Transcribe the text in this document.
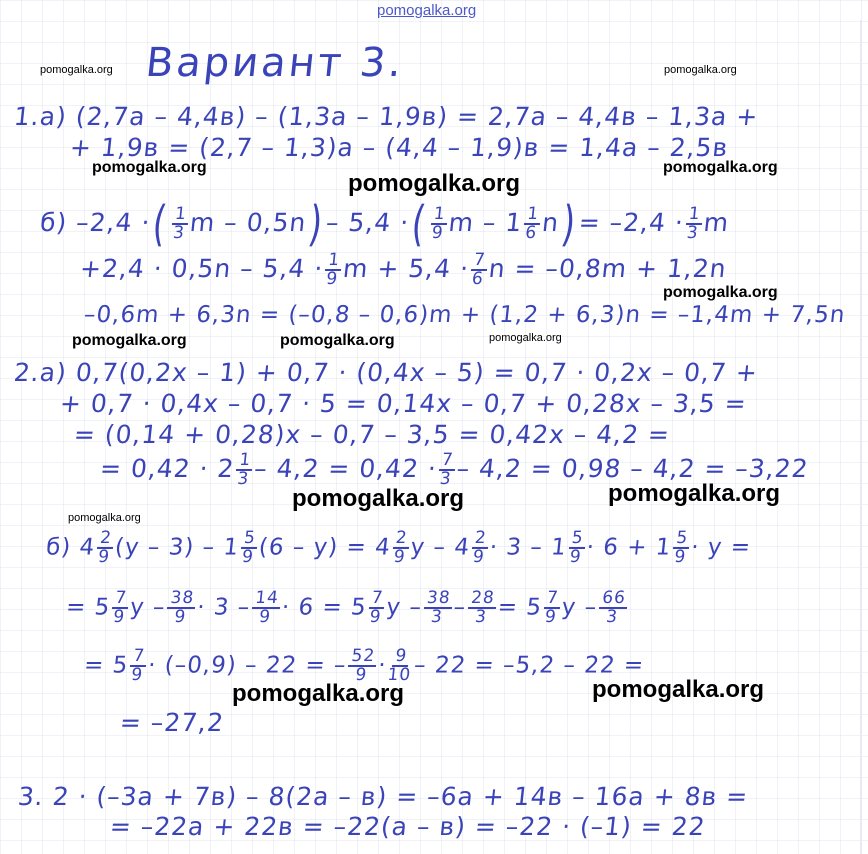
pomogalka.org
Вариант 3.
pomogalka.org	pomogalka.org
pomogalka.org	pomogalka.org
pomogalka.org
pomogalka.org
pomogalka.org	pomogalka.org	pomogalka.org
pomogalka.org	pomogalka.org
pomogalka.org
pomogalka.org	pomogalka.org
1.а) (2,7а – 4,4в) – (1,3а – 1,9в) = 2,7а – 4,4в – 1,3а +
+ 1,9в = (2,7 – 1,3)а – (4,4 – 1,9)в = 1,4а – 2,5в
б) –2,4 ·( $\frac{1}{3}$
m – 0,5n)– 5,4 ·( $\frac{1}{9}$
m – 1
$\frac{1}{6}$
n)= –2,4 ·
$\frac{1}{3}$
m
+2,4 · 0,5n – 5,4 ·
$\frac{1}{9}$
m + 5,4 ·
$\frac{7}{6}$
n = –0,8m + 1,2n
–0,6m + 6,3n = (–0,8 – 0,6)m + (1,2 + 6,3)n = –1,4m + 7,5n
2.а) 0,7(0,2x – 1) + 0,7 · (0,4x – 5) = 0,7 · 0,2x – 0,7 +
+ 0,7 · 0,4x – 0,7 · 5 = 0,14x – 0,7 + 0,28x – 3,5 =
= (0,14 + 0,28)x – 0,7 – 3,5 = 0,42x – 4,2 =
= 0,42 · 2
$\frac{1}{3}$
– 4,2 = 0,42 ·
$\frac{7}{3}$
– 4,2 = 0,98 – 4,2 = –3,22
б) 4
$\frac{2}{9}$
(y – 3) – 1
$\frac{5}{9}$
(6 – y) = 4
$\frac{2}{9}$
y – 4
$\frac{2}{9}$
· 3 – 1
$\frac{5}{9}$
· 6 + 1
$\frac{5}{9}$
· y =
= 5
$\frac{7}{9}$
y –
$\frac{38}{9}$
· 3 –
$\frac{14}{9}$
· 6 = 5
$\frac{7}{9}$
y –
$\frac{38}{3}$
–
$\frac{28}{3}$
= 5
$\frac{7}{9}$
y –
$\frac{66}{3}$
= 5
$\frac{7}{9}$
· (–0,9) – 22 = –
$\frac{52}{9}$
·
$\frac{9}{10}$
– 22 = –5,2 – 22 =
= –27,2
3. 2 · (–3а + 7в) – 8(2а – в) = –6а + 14в – 16а + 8в =
= –22а + 22в = –22(а – в) = –22 · (–1) = 22
